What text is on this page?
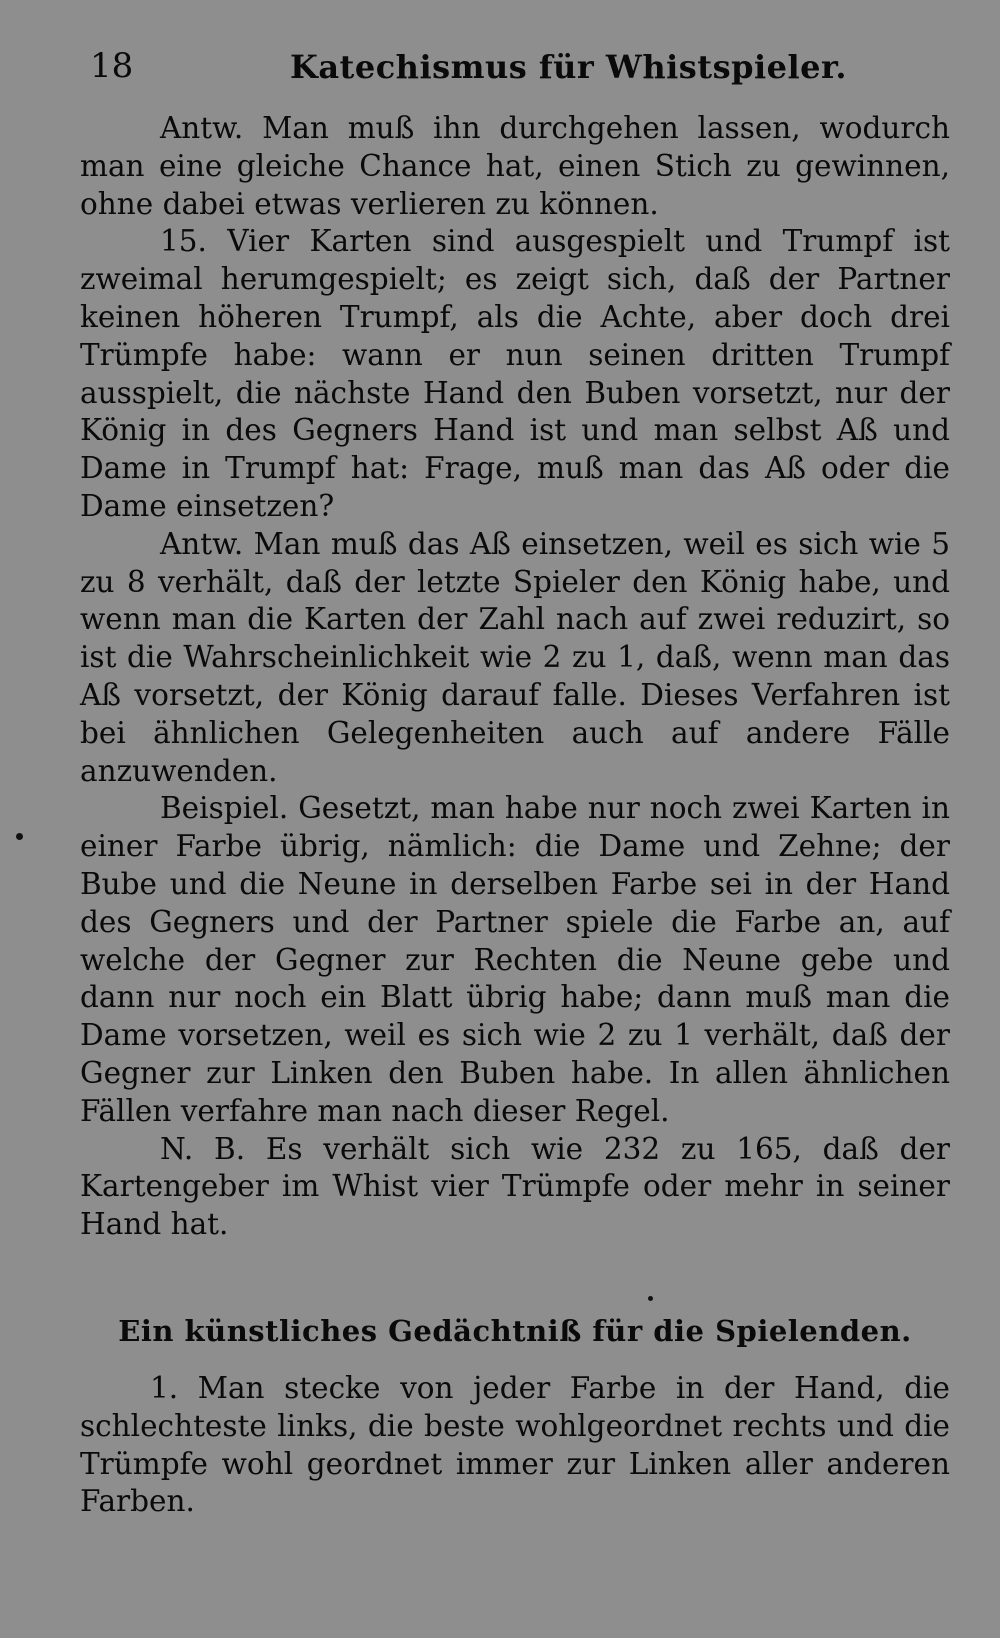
18	Katechismus für Whistspieler.

Antw. Man muß ihn durchgehen lassen, wodurch man eine gleiche Chance hat, einen Stich zu gewinnen, ohne dabei etwas verlieren zu können.

15. Vier Karten sind ausgespielt und Trumpf ist zweimal herumgespielt; es zeigt sich, daß der Partner keinen höheren Trumpf, als die Achte, aber doch drei Trümpfe habe: wann er nun seinen dritten Trumpf ausspielt, die nächste Hand den Buben vorsetzt, nur der König in des Gegners Hand ist und man selbst Aß und Dame in Trumpf hat: Frage, muß man das Aß oder die Dame einsetzen?

Antw. Man muß das Aß einsetzen, weil es sich wie 5 zu 8 verhält, daß der letzte Spieler den König habe, und wenn man die Karten der Zahl nach auf zwei reduzirt, so ist die Wahrscheinlichkeit wie 2 zu 1, daß, wenn man das Aß vorsetzt, der König darauf falle. Dieses Verfahren ist bei ähnlichen Gelegenheiten auch auf andere Fälle anzuwenden.

Beispiel. Gesetzt, man habe nur noch zwei Karten in einer Farbe übrig, nämlich: die Dame und Zehne; der Bube und die Neune in derselben Farbe sei in der Hand des Gegners und der Partner spiele die Farbe an, auf welche der Gegner zur Rechten die Neune gebe und dann nur noch ein Blatt übrig habe; dann muß man die Dame vorsetzen, weil es sich wie 2 zu 1 verhält, daß der Gegner zur Linken den Buben habe. In allen ähnlichen Fällen verfahre man nach dieser Regel.

N. B. Es verhält sich wie 232 zu 165, daß der Kartengeber im Whist vier Trümpfe oder mehr in seiner Hand hat.

Ein künstliches Gedächtniß für die Spielenden.

1. Man stecke von jeder Farbe in der Hand, die schlechteste links, die beste wohlgeordnet rechts und die Trümpfe wohl geordnet immer zur Linken aller anderen Farben.
